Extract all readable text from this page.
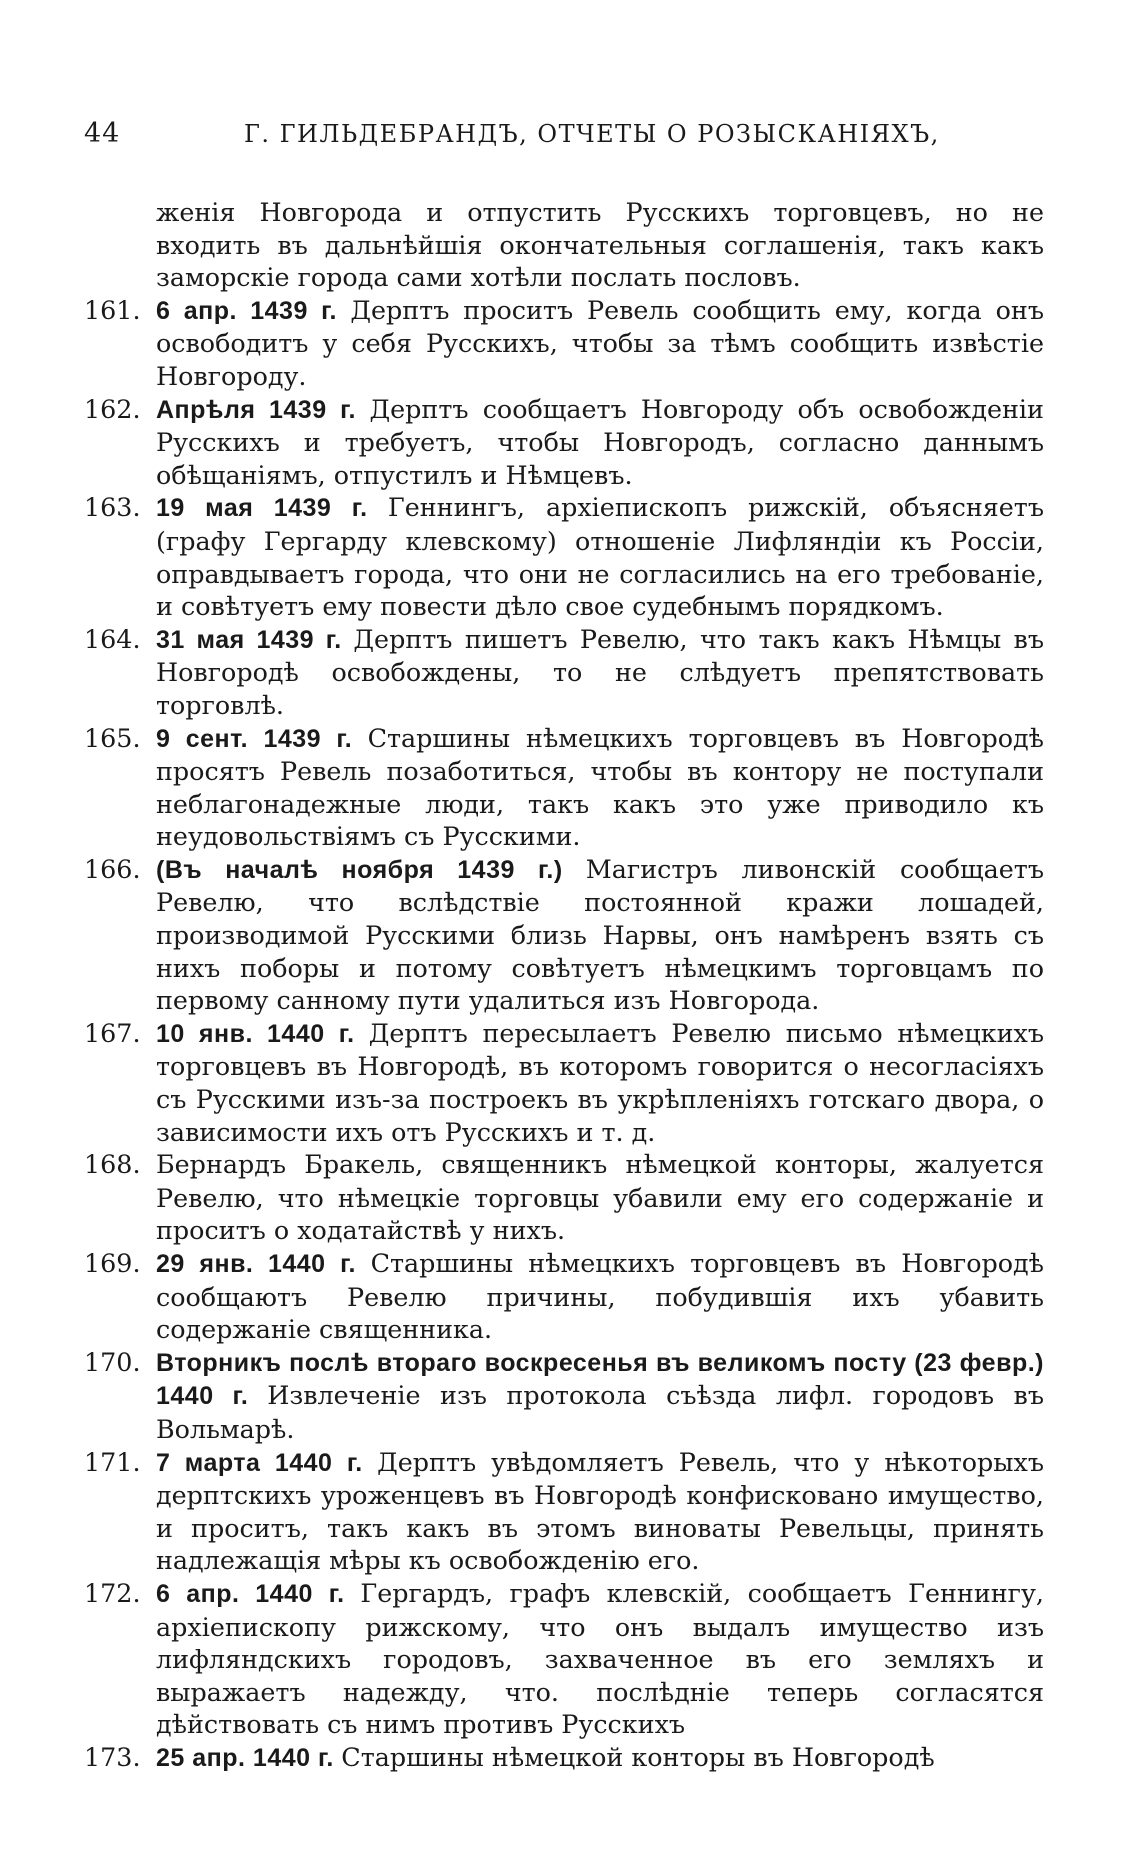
44	Г. ГИЛЬДЕБРАНДЪ, ОТЧЕТЫ О РОЗЫСКАНІЯХЪ,
женія Новгорода и отпустить Русскихъ торговцевъ, но не входить въ дальнѣйшія окончательныя соглашенія, такъ какъ заморскіе города сами хотѣли послать пословъ.
161. 6 апр. 1439 г. Дерптъ проситъ Ревель сообщить ему, когда онъ освободитъ у себя Русскихъ, чтобы за тѣмъ сообщить извѣстіе Новгороду.
162. Апрѣля 1439 г. Дерптъ сообщаетъ Новгороду объ освобожденіи Русскихъ и требуетъ, чтобы Новгородъ, согласно даннымъ обѣщаніямъ, отпустилъ и Нѣмцевъ.
163. 19 мая 1439 г. Геннингъ, архіепископъ рижскій, объясняетъ (графу Гергарду клевскому) отношеніе Лифляндіи къ Россіи, оправдываетъ города, что они не согласились на его требованіе, и совѣтуетъ ему повести дѣло свое судебнымъ порядкомъ.
164. 31 мая 1439 г. Дерптъ пишетъ Ревелю, что такъ какъ Нѣмцы въ Новгородѣ освобождены, то не слѣдуетъ препятствовать торговлѣ.
165. 9 сент. 1439 г. Старшины нѣмецкихъ торговцевъ въ Новгородѣ просятъ Ревель позаботиться, чтобы въ контору не поступали неблагонадежные люди, такъ какъ это уже приводило къ неудовольствіямъ съ Русскими.
166. (Въ началѣ ноября 1439 г.) Магистръ ливонскій сообщаетъ Ревелю, что вслѣдствіе постоянной кражи лошадей, производимой Русскими близь Нарвы, онъ намѣренъ взять съ нихъ поборы и потому совѣтуетъ нѣмецкимъ торговцамъ по первому санному пути удалиться изъ Новгорода.
167. 10 янв. 1440 г. Дерптъ пересылаетъ Ревелю письмо нѣмецкихъ торговцевъ въ Новгородѣ, въ которомъ говорится о несогласіяхъ съ Русскими изъ-за построекъ въ укрѣпленіяхъ готскаго двора, о зависимости ихъ отъ Русскихъ и т. д.
168. Бернардъ Бракель, священникъ нѣмецкой конторы, жалуется Ревелю, что нѣмецкіе торговцы убавили ему его содержаніе и проситъ о ходатайствѣ у нихъ.
169. 29 янв. 1440 г. Старшины нѣмецкихъ торговцевъ въ Новгородѣ сообщаютъ Ревелю причины, побудившія ихъ убавить содержаніе священника.
170. Вторникъ послѣ втораго воскресенья въ великомъ посту (23 февр.) 1440 г. Извлеченіе изъ протокола съѣзда лифл. городовъ въ Вольмарѣ.
171. 7 марта 1440 г. Дерптъ увѣдомляетъ Ревель, что у нѣкоторыхъ дерптскихъ уроженцевъ въ Новгородѣ конфисковано имущество, и проситъ, такъ какъ въ этомъ виноваты Ревельцы, принять надлежащія мѣры къ освобожденію его.
172. 6 апр. 1440 г. Гергардъ, графъ клевскій, сообщаетъ Геннингу, архіепископу рижскому, что онъ выдалъ имущество изъ лифляндскихъ городовъ, захваченное въ его земляхъ и выражаетъ надежду, что. послѣдніе теперь согласятся дѣйствовать съ нимъ противъ Русскихъ
173. 25 апр. 1440 г. Старшины нѣмецкой конторы въ Новгородѣ
